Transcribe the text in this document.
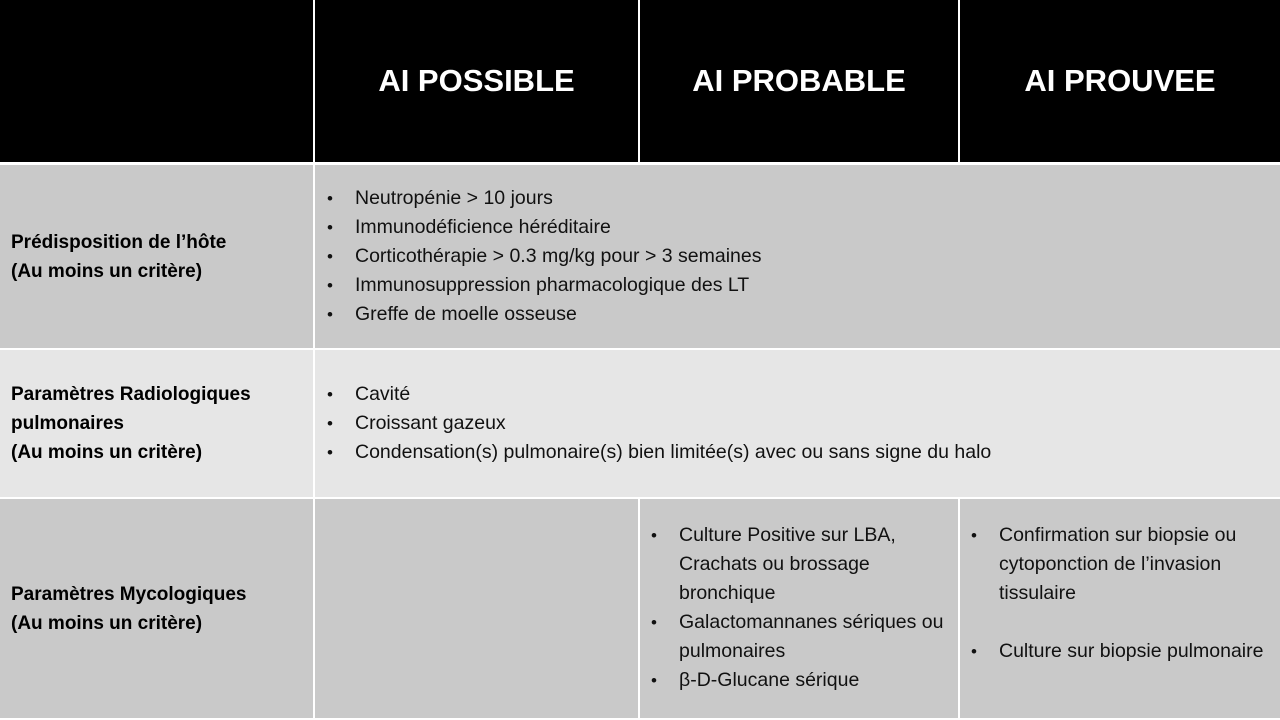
AI POSSIBLE	AI PROBABLE	AI PROUVEE
Prédisposition de l’hôte
(Au moins un critère)
• Neutropénie > 10 jours
• Immunodéficience héréditaire
• Corticothérapie > 0.3 mg/kg pour > 3 semaines
• Immunosuppression pharmacologique des LT
• Greffe de moelle osseuse
Paramètres Radiologiques
pulmonaires
(Au moins un critère)
• Cavité
• Croissant gazeux
• Condensation(s) pulmonaire(s) bien limitée(s) avec ou sans signe du halo
Paramètres Mycologiques
(Au moins un critère)
• Culture Positive sur LBA, Crachats ou brossage bronchique
• Galactomannanes sériques ou pulmonaires
• β-D-Glucane sérique
• Confirmation sur biopsie ou cytoponction de l’invasion tissulaire
• Culture sur biopsie pulmonaire
